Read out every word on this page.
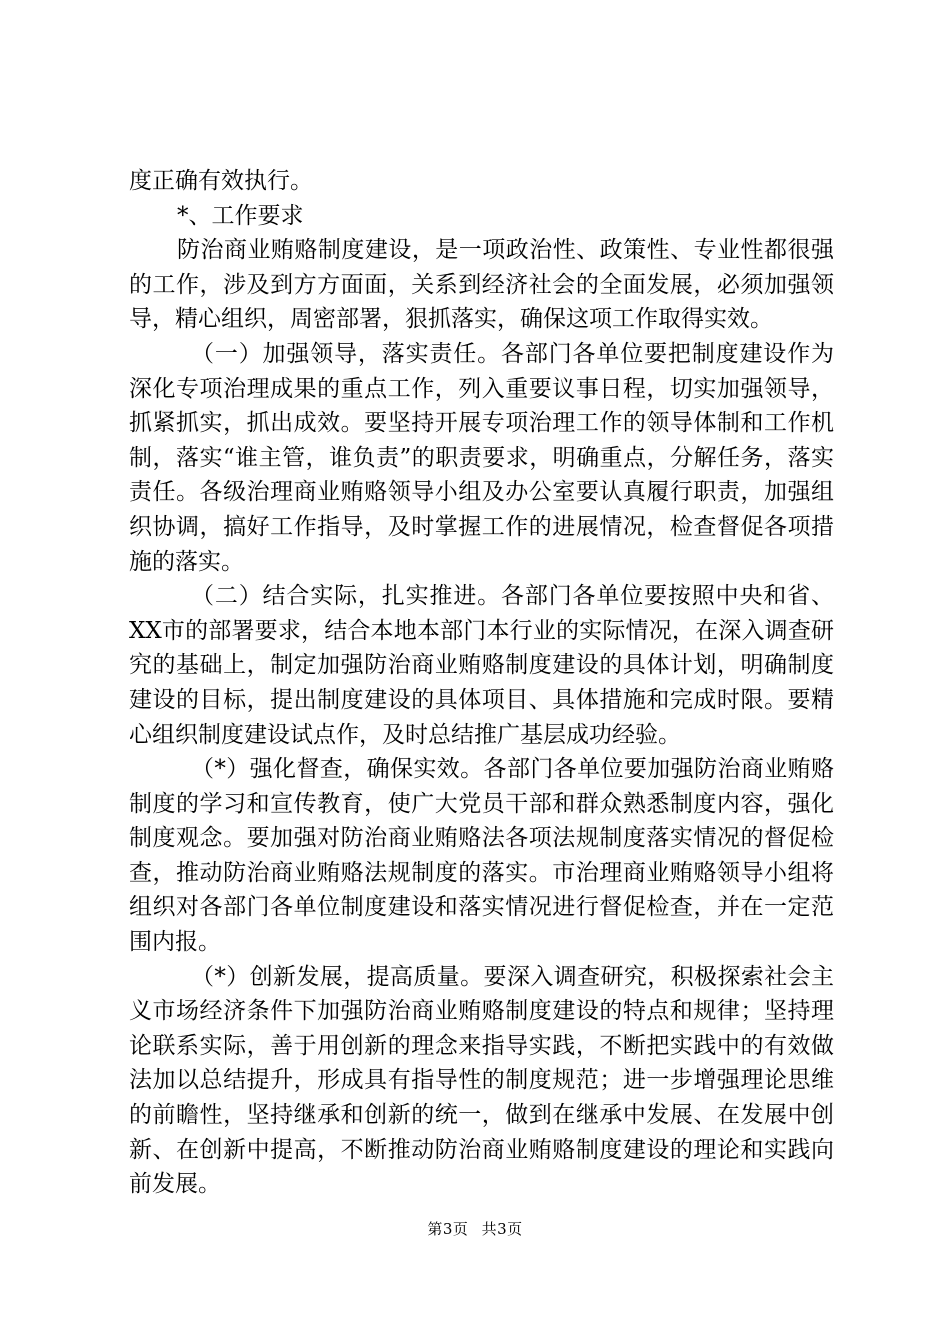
度正确有效执行。

*、工作要求

防治商业贿赂制度建设，是一项政治性、政策性、专业性都很强的工作，涉及到方方面面，关系到经济社会的全面发展，必须加强领导，精心组织，周密部署，狠抓落实，确保这项工作取得实效。

（一）加强领导，落实责任。各部门各单位要把制度建设作为深化专项治理成果的重点工作，列入重要议事日程，切实加强领导，抓紧抓实，抓出成效。要坚持开展专项治理工作的领导体制和工作机制，落实“谁主管，谁负责”的职责要求，明确重点，分解任务，落实责任。各级治理商业贿赂领导小组及办公室要认真履行职责，加强组织协调，搞好工作指导，及时掌握工作的进展情况，检查督促各项措施的落实。

（二）结合实际，扎实推进。各部门各单位要按照中央和省、XX市的部署要求，结合本地本部门本行业的实际情况，在深入调查研究的基础上，制定加强防治商业贿赂制度建设的具体计划，明确制度建设的目标，提出制度建设的具体项目、具体措施和完成时限。要精心组织制度建设试点作，及时总结推广基层成功经验。

（*）强化督查，确保实效。各部门各单位要加强防治商业贿赂制度的学习和宣传教育，使广大党员干部和群众熟悉制度内容，强化制度观念。要加强对防治商业贿赂法各项法规制度落实情况的督促检查，推动防治商业贿赂法规制度的落实。市治理商业贿赂领导小组将组织对各部门各单位制度建设和落实情况进行督促检查，并在一定范围内报。

（*）创新发展，提高质量。要深入调查研究，积极探索社会主义市场经济条件下加强防治商业贿赂制度建设的特点和规律；坚持理论联系实际，善于用创新的理念来指导实践，不断把实践中的有效做法加以总结提升，形成具有指导性的制度规范；进一步增强理论思维的前瞻性，坚持继承和创新的统一，做到在继承中发展、在发展中创新、在创新中提高，不断推动防治商业贿赂制度建设的理论和实践向前发展。

第3页 共3页
